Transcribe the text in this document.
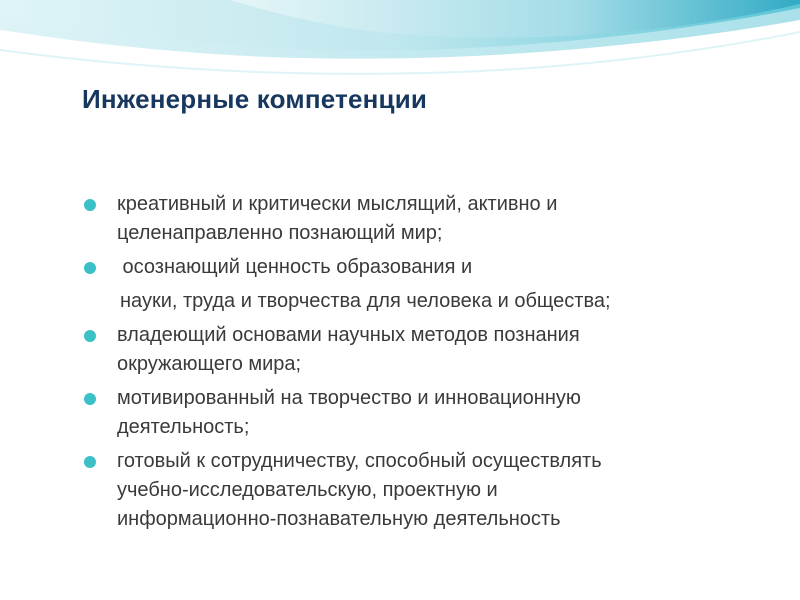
Инженерные компетенции
креативный и критически мыслящий, активно и
целенаправленно познающий мир;
осознающий ценность образования и
науки, труда и творчества для человека и общества;
владеющий основами научных методов познания
окружающего мира;
мотивированный на творчество и инновационную
деятельность;
готовый к сотрудничеству, способный осуществлять
учебно-исследовательскую, проектную и
информационно-познавательную деятельность
